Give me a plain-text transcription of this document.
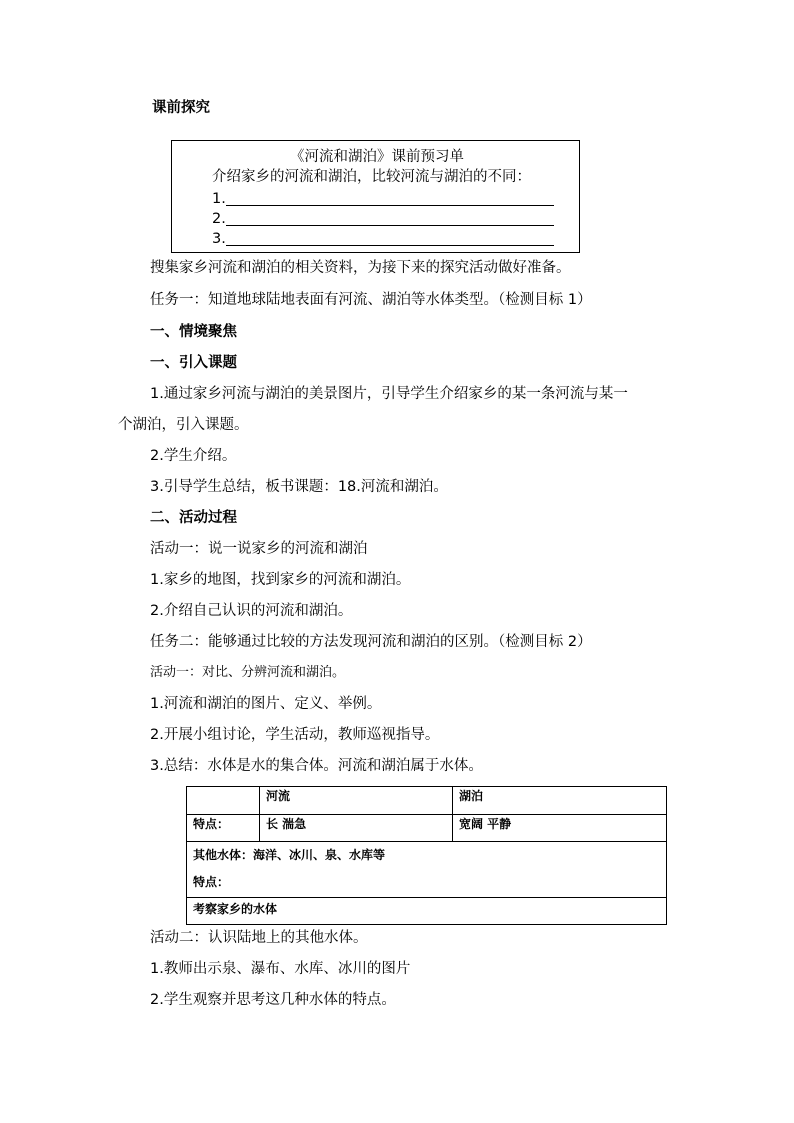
课前探究
《河流和湖泊》课前预习单
介绍家乡的河流和湖泊，比较河流与湖泊的不同：
1.
2.
3.
搜集家乡河流和湖泊的相关资料，为接下来的探究活动做好准备。
任务一：知道地球陆地表面有河流、湖泊等水体类型。（检测目标 1）
一、情境聚焦
一、引入课题
1.通过家乡河流与湖泊的美景图片，引导学生介绍家乡的某一条河流与某一
个湖泊，引入课题。
2.学生介绍。
3.引导学生总结，板书课题：18.河流和湖泊。
二、活动过程
活动一：说一说家乡的河流和湖泊
1.家乡的地图，找到家乡的河流和湖泊。
2.介绍自己认识的河流和湖泊。
任务二：能够通过比较的方法发现河流和湖泊的区别。（检测目标 2）
活动一：对比、分辨河流和湖泊。
1.河流和湖泊的图片、定义、举例。
2.开展小组讨论，学生活动，教师巡视指导。
3.总结：水体是水的集合体。河流和湖泊属于水体。
	河流	湖泊
特点：	长 湍急	宽阔 平静

其他水体：海洋、冰川、泉、水库等
特点：		

考察家乡的水体		
活动二：认识陆地上的其他水体。
1.教师出示泉、瀑布、水库、冰川的图片
2.学生观察并思考这几种水体的特点。
